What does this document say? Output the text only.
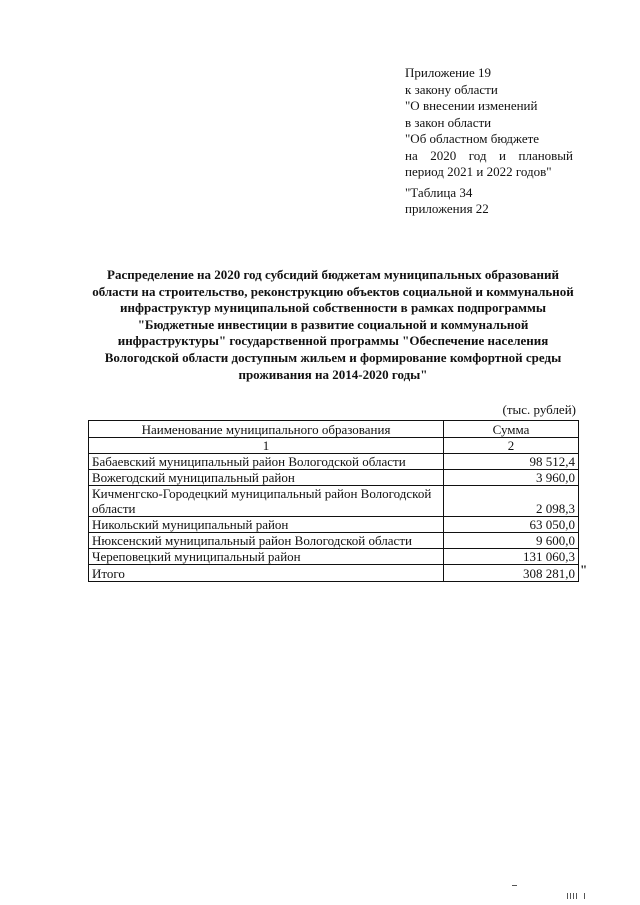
Приложение 19
к закону области
"О внесении изменений
в закон области
"Об областном бюджете
на 2020 год и плановый
период 2021 и 2022 годов"
"Таблица 34
приложения 22
Распределение на 2020 год субсидий бюджетам муниципальных образований
области на строительство, реконструкцию объектов социальной и коммунальной
инфраструктур муниципальной собственности в рамках подпрограммы
"Бюджетные инвестиции в развитие социальной и коммунальной
инфраструктуры" государственной программы "Обеспечение населения
Вологодской области доступным жильем и формирование комфортной среды
проживания на 2014-2020 годы"
(тыс. рублей)
Наименование муниципального образования	Сумма
1	2
Бабаевский муниципальный район Вологодской области	98 512,4
Вожегодский муниципальный район	3 960,0
Кичменгско-Городецкий муниципальный район Вологодской области	2 098,3
Никольский муниципальный район	63 050,0
Нюксенский муниципальный район Вологодской области	9 600,0
Череповецкий муниципальный район	131 060,3
Итого	308 281,0 "
